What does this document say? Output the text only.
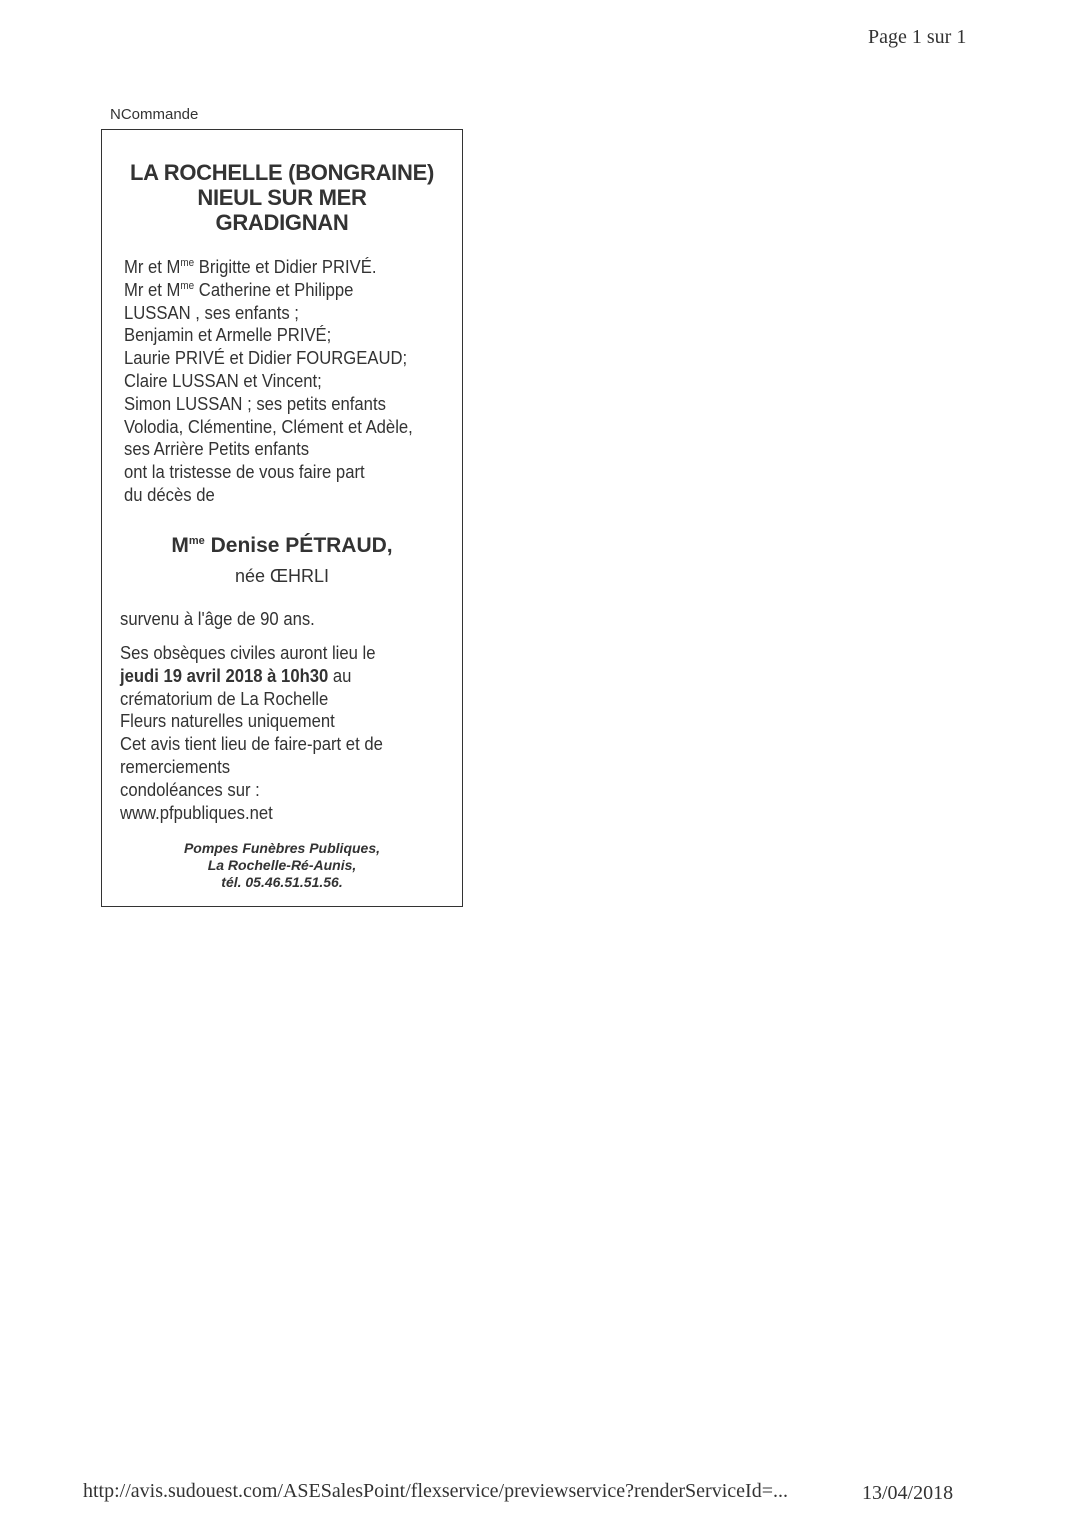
Page 1 sur 1
NCommande
LA ROCHELLE (BONGRAINE)
NIEUL SUR MER
GRADIGNAN
Mr et $M^{me}$ Brigitte et Didier PRIVÉ.
Mr et $M^{me}$ Catherine et Philippe
LUSSAN , ses enfants ;
Benjamin et Armelle PRIVÉ;
Laurie PRIVÉ et Didier FOURGEAUD;
Claire LUSSAN et Vincent;
Simon LUSSAN ; ses petits enfants
Volodia, Clémentine, Clément et Adèle,
ses Arrière Petits enfants
ont la tristesse de vous faire part
du décès de
$M^{me}$ Denise PÉTRAUD,
née ŒHRLI
survenu à l'âge de 90 ans.
Ses obsèques civiles auront lieu le
jeudi 19 avril 2018 à 10h30 au
crématorium de La Rochelle
Fleurs naturelles uniquement
Cet avis tient lieu de faire-part et de
remerciements
condoléances sur :
www.pfpubliques.net
Pompes Funèbres Publiques,
La Rochelle-Ré-Aunis,
tél. 05.46.51.51.56.
http://avis.sudouest.com/ASESalesPoint/flexservice/previewservice?renderServiceId=...	13/04/2018
